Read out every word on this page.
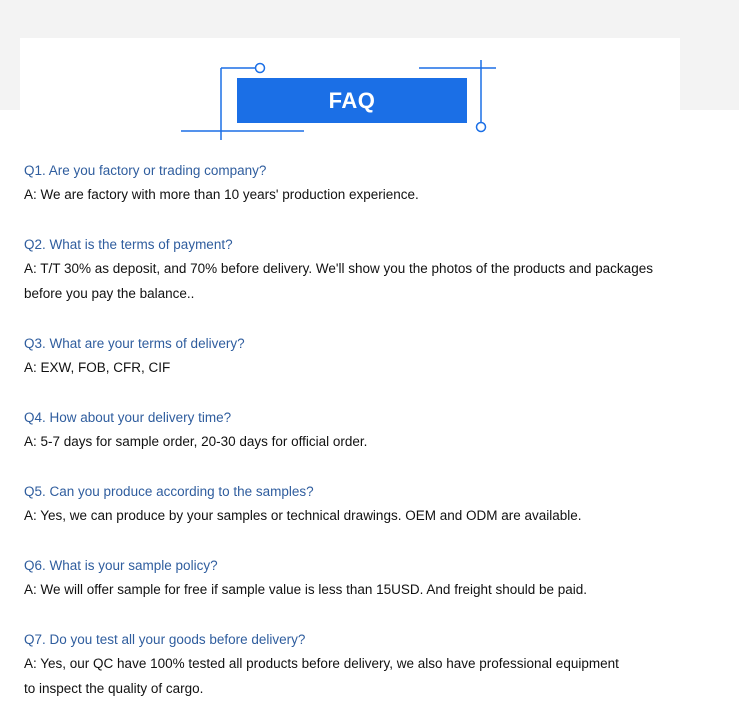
FAQ

Q1. Are you factory or trading company?

A: We are factory with more than 10 years' production experience.

Q2. What is the terms of payment?

A: T/T 30% as deposit, and 70% before delivery. We'll show you the photos of the products and packages before you pay the balance..

Q3. What are your terms of delivery?

A: EXW, FOB, CFR, CIF

Q4. How about your delivery time?

A: 5-7 days for sample order, 20-30 days for official order.

Q5. Can you produce according to the samples?

A: Yes, we can produce by your samples or technical drawings. OEM and ODM are available.

Q6. What is your sample policy?

A: We will offer sample for free if sample value is less than 15USD. And freight should be paid.

Q7. Do you test all your goods before delivery?

A: Yes, our QC have 100% tested all products before delivery, we also have professional equipment to inspect the quality of cargo.
